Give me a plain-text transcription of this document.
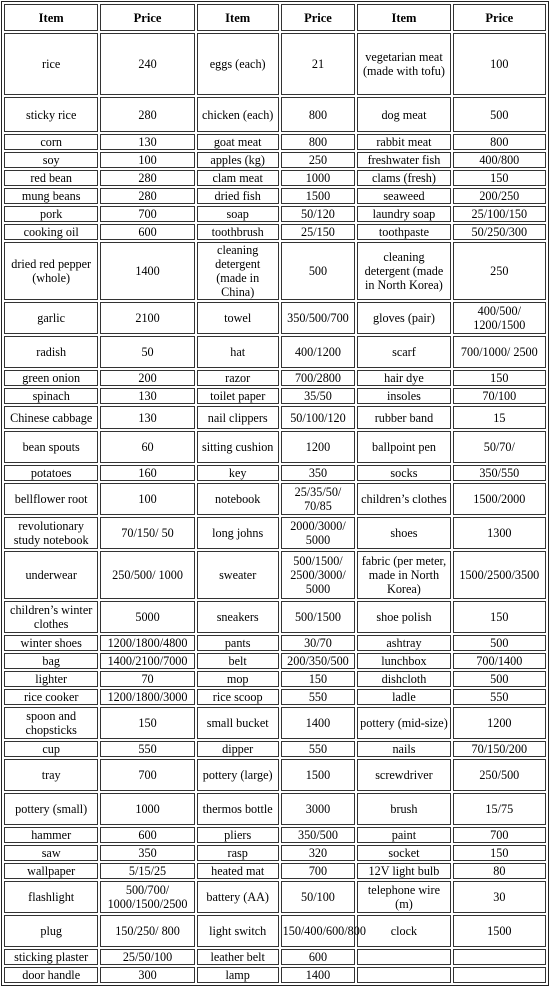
Item	Price	Item	Price	Item	Price
rice	240	eggs (each)	21	vegetarian meat (made with tofu)	100
sticky rice	280	chicken (each)	800	dog meat	500
corn	130	goat meat	800	rabbit meat	800
soy	100	apples (kg)	250	freshwater fish	400/800
red bean	280	clam meat	1000	clams (fresh)	150
mung beans	280	dried fish	1500	seaweed	200/250
pork	700	soap	50/120	laundry soap	25/100/150
cooking oil	600	toothbrush	25/150	toothpaste	50/250/300
dried red pepper (whole)	1400	cleaning detergent (made in China)	500	cleaning detergent (made in North Korea)	250
garlic	2100	towel	350/500/700	gloves (pair)	400/500/ 1200/1500
radish	50	hat	400/1200	scarf	700/1000/ 2500
green onion	200	razor	700/2800	hair dye	150
spinach	130	toilet paper	35/50	insoles	70/100
Chinese cabbage	130	nail clippers	50/100/120	rubber band	15
bean spouts	60	sitting cushion	1200	ballpoint pen	50/70/
potatoes	160	key	350	socks	350/550
bellflower root	100	notebook	25/35/50/ 70/85	children’s clothes	1500/2000
revolutionary study notebook	70/150/ 50	long johns	2000/3000/ 5000	shoes	1300
underwear	250/500/ 1000	sweater	500/1500/ 2500/3000/ 5000	fabric (per meter, made in North Korea)	1500/2500/3500
children’s winter clothes	5000	sneakers	500/1500	shoe polish	150
winter shoes	1200/1800/4800	pants	30/70	ashtray	500
bag	1400/2100/7000	belt	200/350/500	lunchbox	700/1400
lighter	70	mop	150	dishcloth	500
rice cooker	1200/1800/3000	rice scoop	550	ladle	550
spoon and chopsticks	150	small bucket	1400	pottery (mid-size)	1200
cup	550	dipper	550	nails	70/150/200
tray	700	pottery (large)	1500	screwdriver	250/500
pottery (small)	1000	thermos bottle	3000	brush	15/75
hammer	600	pliers	350/500	paint	700
saw	350	rasp	320	socket	150
wallpaper	5/15/25	heated mat	700	12V light bulb	80
flashlight	500/700/ 1000/1500/2500	battery (AA)	50/100	telephone wire (m)	30
plug	150/250/ 800	light switch	150/400/600/800	clock	1500
sticking plaster	25/50/100	leather belt	600		
door handle	300	lamp	1400		
